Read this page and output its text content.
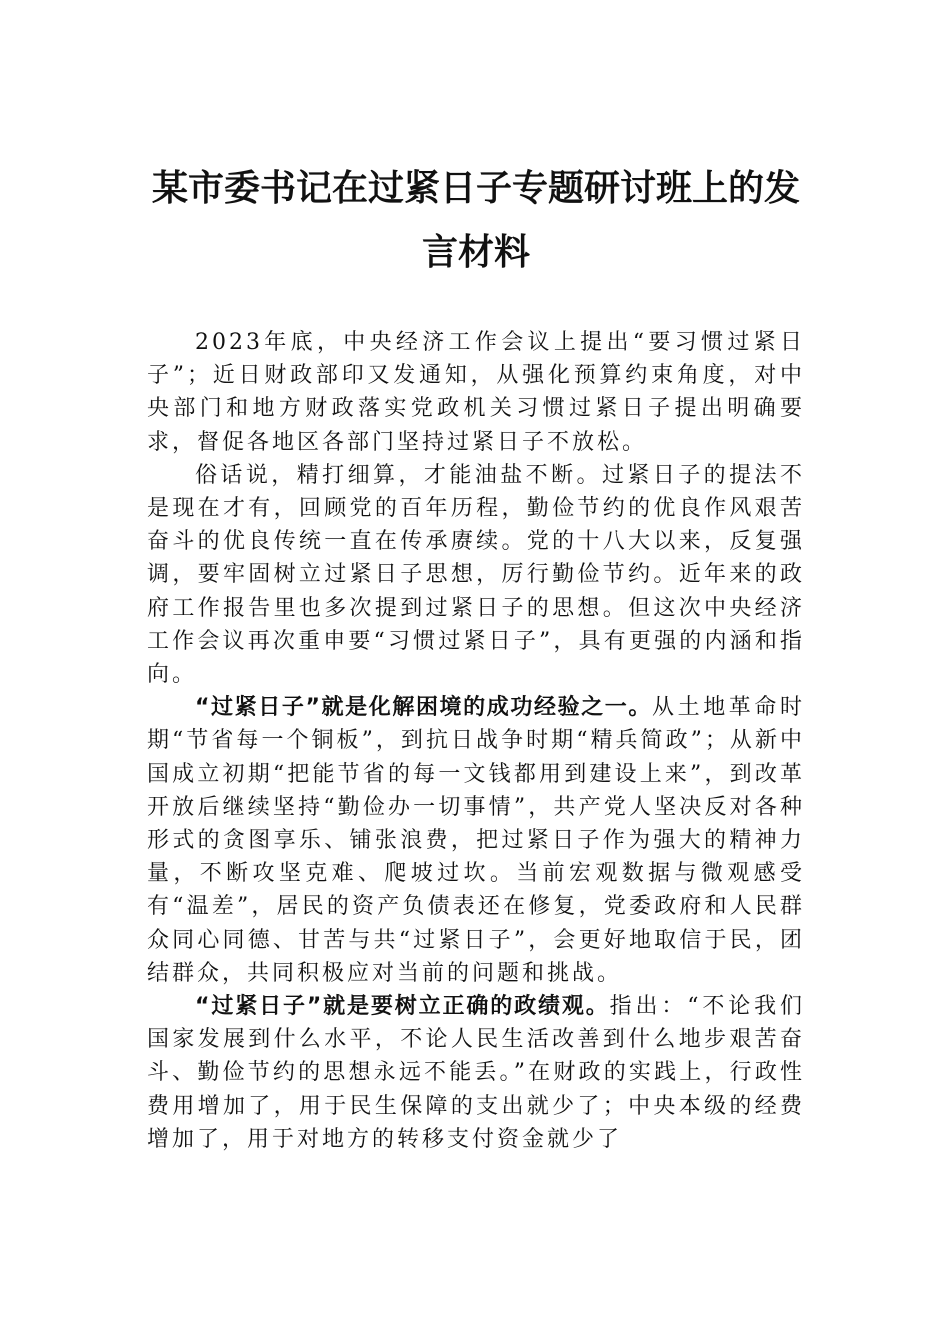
某市委书记在过紧日子专题研讨班上的发言材料

2023年底，中央经济工作会议上提出“要习惯过紧日子”；近日财政部印又发通知，从强化预算约束角度，对中央部门和地方财政落实党政机关习惯过紧日子提出明确要求，督促各地区各部门坚持过紧日子不放松。

俗话说，精打细算，才能油盐不断。过紧日子的提法不是现在才有，回顾党的百年历程，勤俭节约的优良作风艰苦奋斗的优良传统一直在传承赓续。党的十八大以来，反复强调，要牢固树立过紧日子思想，厉行勤俭节约。近年来的政府工作报告里也多次提到过紧日子的思想。但这次中央经济工作会议再次重申要“习惯过紧日子”，具有更强的内涵和指向。

“过紧日子”就是化解困境的成功经验之一。从土地革命时期“节省每一个铜板”，到抗日战争时期“精兵简政”；从新中国成立初期“把能节省的每一文钱都用到建设上来”，到改革开放后继续坚持“勤俭办一切事情”，共产党人坚决反对各种形式的贪图享乐、铺张浪费，把过紧日子作为强大的精神力量，不断攻坚克难、爬坡过坎。当前宏观数据与微观感受有“温差”，居民的资产负债表还在修复，党委政府和人民群众同心同德、甘苦与共“过紧日子”，会更好地取信于民，团结群众，共同积极应对当前的问题和挑战。

“过紧日子”就是要树立正确的政绩观。指出：“不论我们国家发展到什么水平，不论人民生活改善到什么地步艰苦奋斗、勤俭节约的思想永远不能丢。”在财政的实践上，行政性费用增加了，用于民生保障的支出就少了；中央本级的经费增加了，用于对地方的转移支付资金就少了
